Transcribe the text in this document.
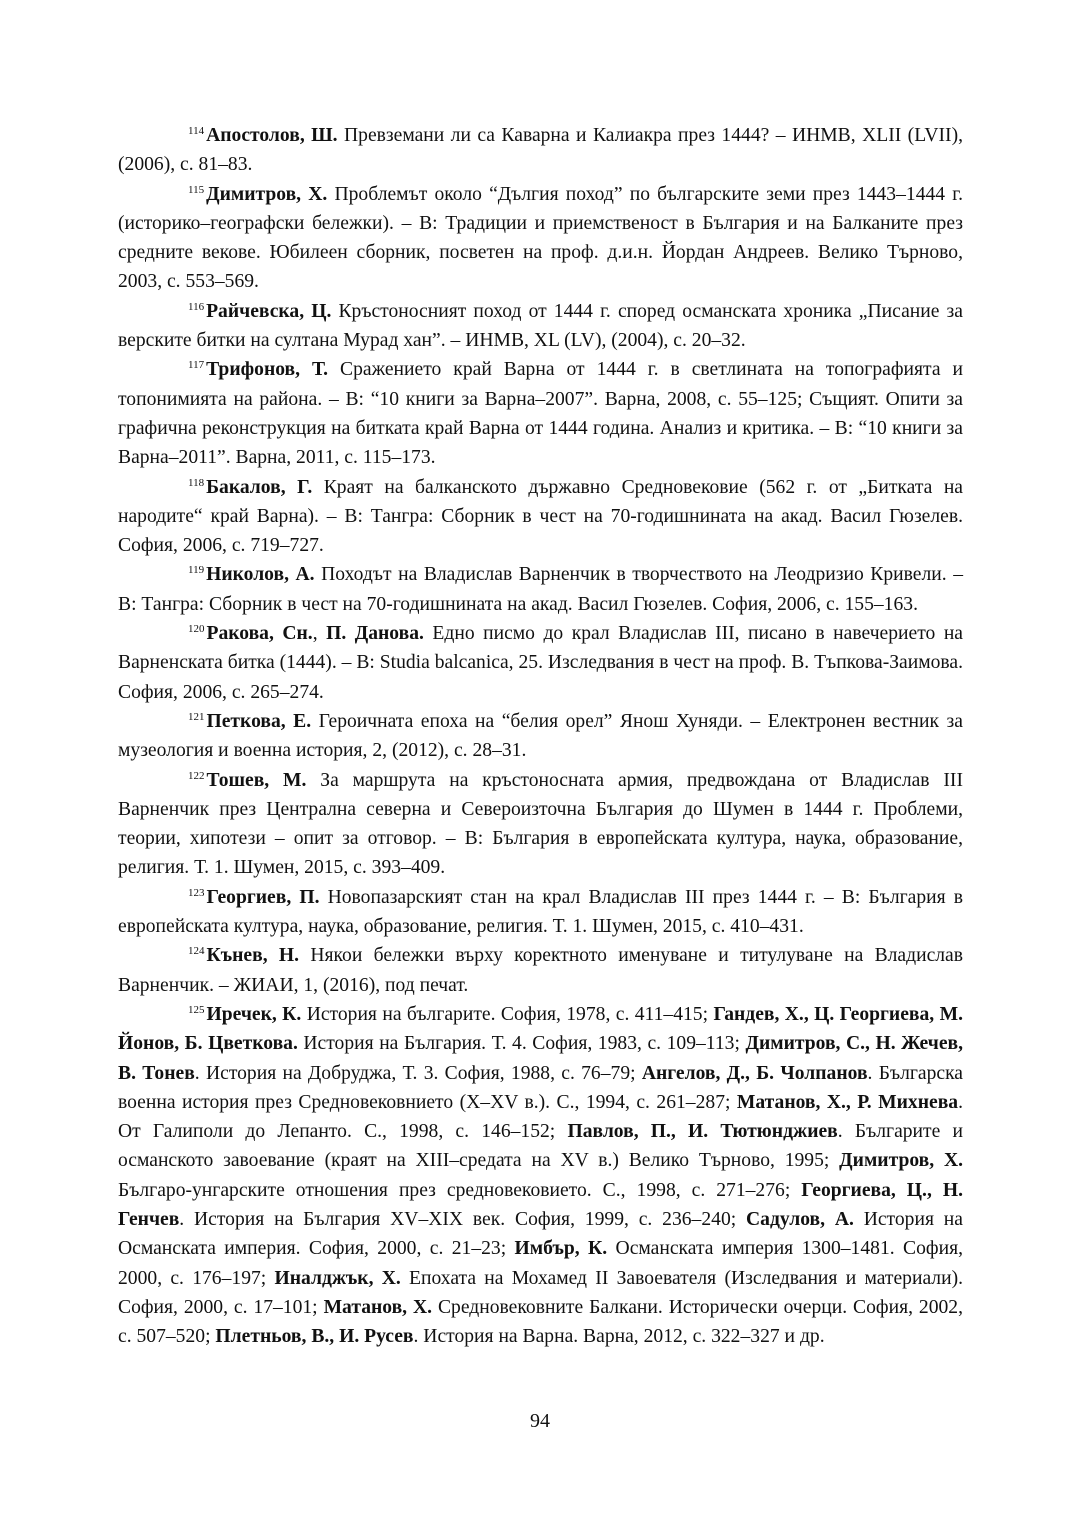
$^{114}$ Апостолов, Ш. Превземани ли са Каварна и Калиакра през 1444? – ИНМВ, XLII (LVII), (2006), с. 81–83.

$^{115}$ Димитров, Х. Проблемът около “Дългия поход” по българските земи през 1443–1444 г. (историко–географски бележки). – В: Традиции и приемственост в България и на Балканите през средните векове. Юбилеен сборник, посветен на проф. д.и.н. Йордан Андреев. Велико Търново, 2003, с. 553–569.

$^{116}$ Райчевска, Ц. Кръстоносният поход от 1444 г. според османската хроника „Писание за верските битки на султана Мурад хан”. – ИНМВ, XL (LV), (2004), с. 20–32.

$^{117}$ Трифонов, Т. Сражението край Варна от 1444 г. в светлината на топографията и топонимията на района. – В: “10 книги за Варна–2007”. Варна, 2008, с. 55–125; Същият. Опити за графична реконструкция на битката край Варна от 1444 година. Анализ и критика. – В: “10 книги за Варна–2011”. Варна, 2011, с. 115–173.

$^{118}$ Бакалов, Г. Краят на балканското държавно Средновековие (562 г. от „Битката на народите“ край Варна). – В: Тангра: Сборник в чест на 70-годишнината на акад. Васил Гюзелев. София, 2006, с. 719–727.

$^{119}$ Николов, А. Походът на Владислав Варненчик в творчеството на Леодризио Кривели. – В: Тангра: Сборник в чест на 70-годишнината на акад. Васил Гюзелев. София, 2006, с. 155–163.

$^{120}$ Ракова, Сн., П. Данова. Едно писмо до крал Владислав III, писано в навечерието на Варненската битка (1444). – В: Studia balcanica, 25. Изследвания в чест на проф. В. Тъпкова-Заимова. София, 2006, с. 265–274.

$^{121}$ Петкова, Е. Героичната епоха на “белия орел” Янош Хуняди. – Електронен вестник за музеология и военна история, 2, (2012), с. 28–31.

$^{122}$ Тошев, М. За маршрута на кръстоносната армия, предвождана от Владислав III Варненчик през Централна северна и Североизточна България до Шумен в 1444 г. Проблеми, теории, хипотези – опит за отговор. – В: България в европейската култура, наука, образование, религия. Т. 1. Шумен, 2015, с. 393–409.

$^{123}$ Георгиев, П. Новопазарският стан на крал Владислав III през 1444 г. – В: България в европейската култура, наука, образование, религия. Т. 1. Шумен, 2015, с. 410–431.

$^{124}$ Кънев, Н. Някои бележки върху коректното именуване и титулуване на Владислав Варненчик. – ЖИАИ, 1, (2016), под печат.

$^{125}$ Иречек, К. История на българите. София, 1978, с. 411–415; Гандев, Х., Ц. Георгиева, М. Йонов, Б. Цветкова. История на България. Т. 4. София, 1983, с. 109–113; Димитров, С., Н. Жечев, В. Тонев. История на Добруджа, Т. 3. София, 1988, с. 76–79; Ангелов, Д., Б. Чолпанов. Българска военна история през Средновековнието (X–XV в.). С., 1994, с. 261–287; Матанов, Х., Р. Михнева. От Галиполи до Лепанто. С., 1998, с. 146–152; Павлов, П., И. Тютюнджиев. Българите и османското завоевание (краят на XIII–средата на XV в.) Велико Търново, 1995; Димитров, Х. Българо-унгарските отношения през средновековието. С., 1998, с. 271–276; Георгиева, Ц., Н. Генчев. История на България XV–XIX век. София, 1999, с. 236–240; Садулов, А. История на Османската империя. София, 2000, с. 21–23; Имбър, К. Османската империя 1300–1481. София, 2000, с. 176–197; Иналджък, Х. Епохата на Мохамед II Завоевателя (Изследвания и материали). София, 2000, с. 17–101; Матанов, Х. Средновековните Балкани. Исторически очерци. София, 2002, с. 507–520; Плетньов, В., И. Русев. История на Варна. Варна, 2012, с. 322–327 и др.

94
